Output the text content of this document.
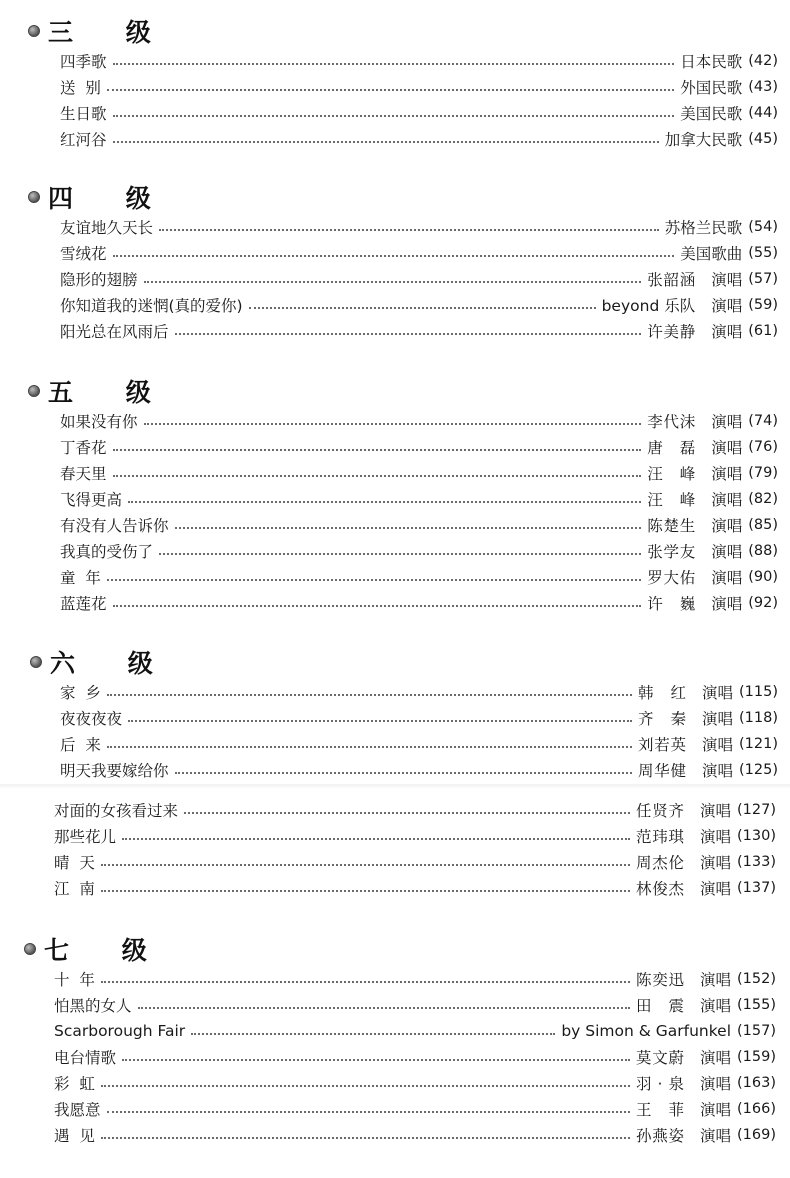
三 级
四季歌	日本民歌 (42)
送  别	外国民歌 (43)
生日歌	美国民歌 (44)
红河谷	加拿大民歌 (45)
四 级
友谊地久天长	苏格兰民歌 (54)
雪绒花	美国歌曲 (55)
隐形的翅膀	张韶涵 演唱 (57)
你知道我的迷惘(真的爱你)	beyond 乐队 演唱 (59)
阳光总在风雨后	许美静 演唱 (61)
五 级
如果没有你	李代沫 演唱 (74)
丁香花	唐 磊 演唱 (76)
春天里	汪 峰 演唱 (79)
飞得更高	汪 峰 演唱 (82)
有没有人告诉你	陈楚生 演唱 (85)
我真的受伤了	张学友 演唱 (88)
童  年	罗大佑 演唱 (90)
蓝莲花	许 巍 演唱 (92)
六 级
家  乡	韩 红 演唱 (115)
夜夜夜夜	齐 秦 演唱 (118)
后  来	刘若英 演唱 (121)
明天我要嫁给你	周华健 演唱 (125)
对面的女孩看过来	任贤齐 演唱 (127)
那些花儿	范玮琪 演唱 (130)
晴  天	周杰伦 演唱 (133)
江  南	林俊杰 演唱 (137)
七 级
十  年	陈奕迅 演唱 (152)
怕黑的女人	田 震 演唱 (155)
Scarborough Fair	by Simon & Garfunkel (157)
电台情歌	莫文蔚 演唱 (159)
彩  虹	羽·泉 演唱 (163)
我愿意	王 菲 演唱 (166)
遇  见	孙燕姿 演唱 (169)
